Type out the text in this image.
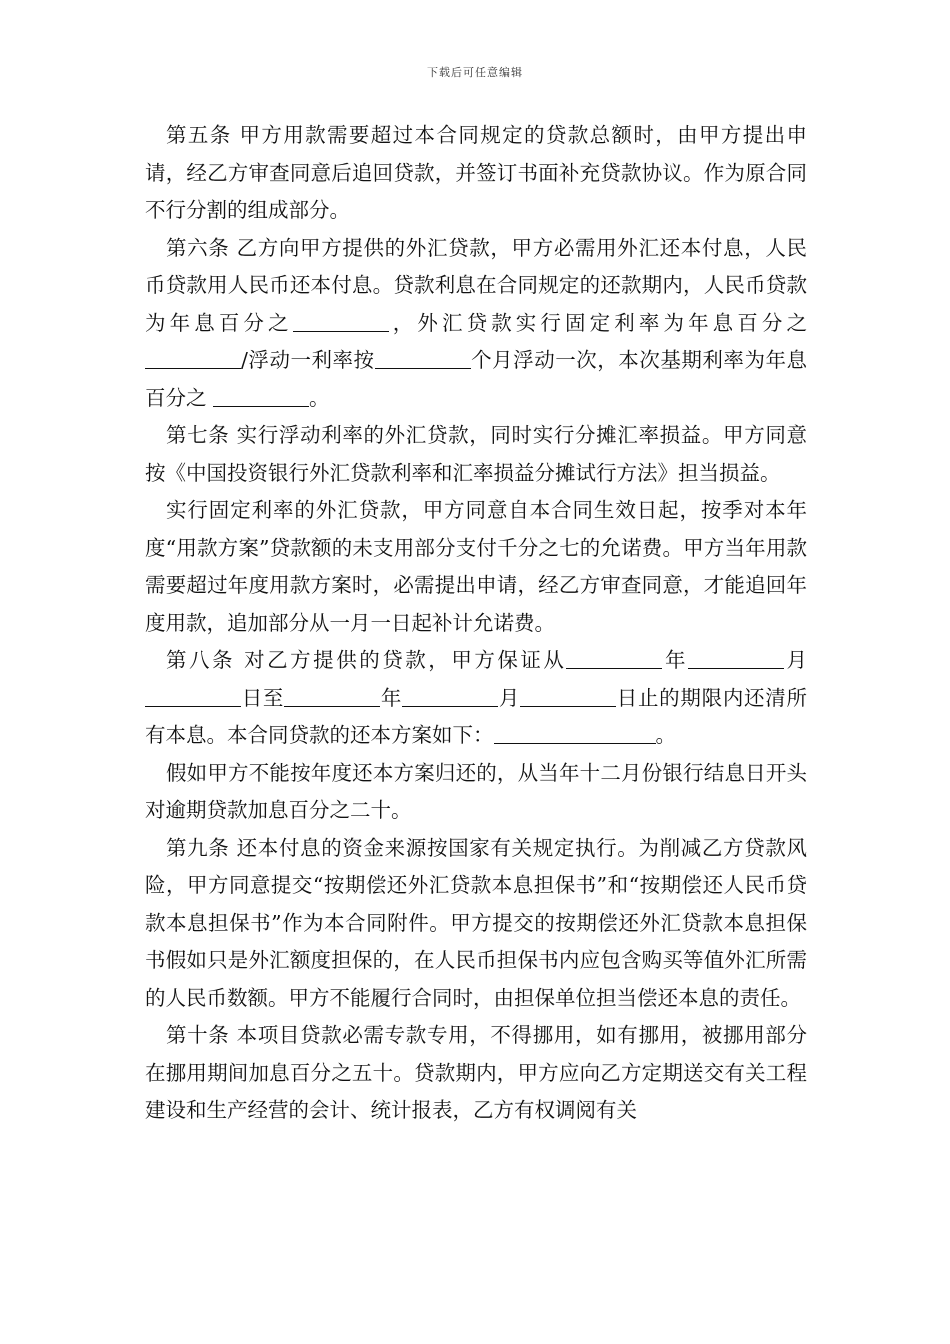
下载后可任意编辑

第五条 甲方用款需要超过本合同规定的贷款总额时，由甲方提出申请，经乙方审查同意后追回贷款，并签订书面补充贷款协议。作为原合同不行分割的组成部分。

第六条 乙方向甲方提供的外汇贷款，甲方必需用外汇还本付息，人民币贷款用人民币还本付息。贷款利息在合同规定的还款期内，人民币贷款为年息百分之	，外汇贷款实行固定利率为年息百分之/浮动一利率按	个月浮动一次，本次基期利率为年息百分之	。

第七条 实行浮动利率的外汇贷款，同时实行分摊汇率损益。甲方同意按《中国投资银行外汇贷款利率和汇率损益分摊试行方法》担当损益。

实行固定利率的外汇贷款，甲方同意自本合同生效日起，按季对本年度“用款方案”贷款额的未支用部分支付千分之七的允诺费。甲方当年用款需要超过年度用款方案时，必需提出申请，经乙方审查同意，才能追回年度用款，追加部分从一月一日起补计允诺费。

第八条 对乙方提供的贷款，甲方保证从	年	月日至	年	月	日止的期限内还清所有本息。本合同贷款的还本方案如下：	。

假如甲方不能按年度还本方案归还的，从当年十二月份银行结息日开头对逾期贷款加息百分之二十。

第九条 还本付息的资金来源按国家有关规定执行。为削减乙方贷款风险，甲方同意提交“按期偿还外汇贷款本息担保书”和“按期偿还人民币贷款本息担保书”作为本合同附件。甲方提交的按期偿还外汇贷款本息担保书假如只是外汇额度担保的，在人民币担保书内应包含购买等值外汇所需的人民币数额。甲方不能履行合同时，由担保单位担当偿还本息的责任。

第十条 本项目贷款必需专款专用，不得挪用，如有挪用，被挪用部分在挪用期间加息百分之五十。贷款期内，甲方应向乙方定期送交有关工程建设和生产经营的会计、统计报表，乙方有权调阅有关
